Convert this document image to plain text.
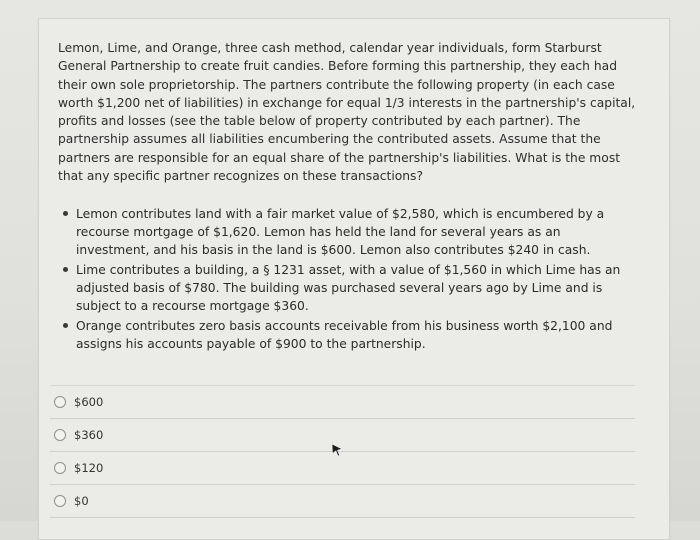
Lemon, Lime, and Orange, three cash method, calendar year individuals, form Starburst General Partnership to create fruit candies. Before forming this partnership, they each had their own sole proprietorship. The partners contribute the following property (in each case worth $1,200 net of liabilities) in exchange for equal 1/3 interests in the partnership's capital, profits and losses (see the table below of property contributed by each partner). The partnership assumes all liabilities encumbering the contributed assets. Assume that the partners are responsible for an equal share of the partnership's liabilities. What is the most that any specific partner recognizes on these transactions?
Lemon contributes land with a fair market value of $2,580, which is encumbered by a recourse mortgage of $1,620. Lemon has held the land for several years as an investment, and his basis in the land is $600. Lemon also contributes $240 in cash.
Lime contributes a building, a § 1231 asset, with a value of $1,560 in which Lime has an adjusted basis of $780. The building was purchased several years ago by Lime and is subject to a recourse mortgage $360.
Orange contributes zero basis accounts receivable from his business worth $2,100 and assigns his accounts payable of $900 to the partnership.
$600
$360
$120
$0
